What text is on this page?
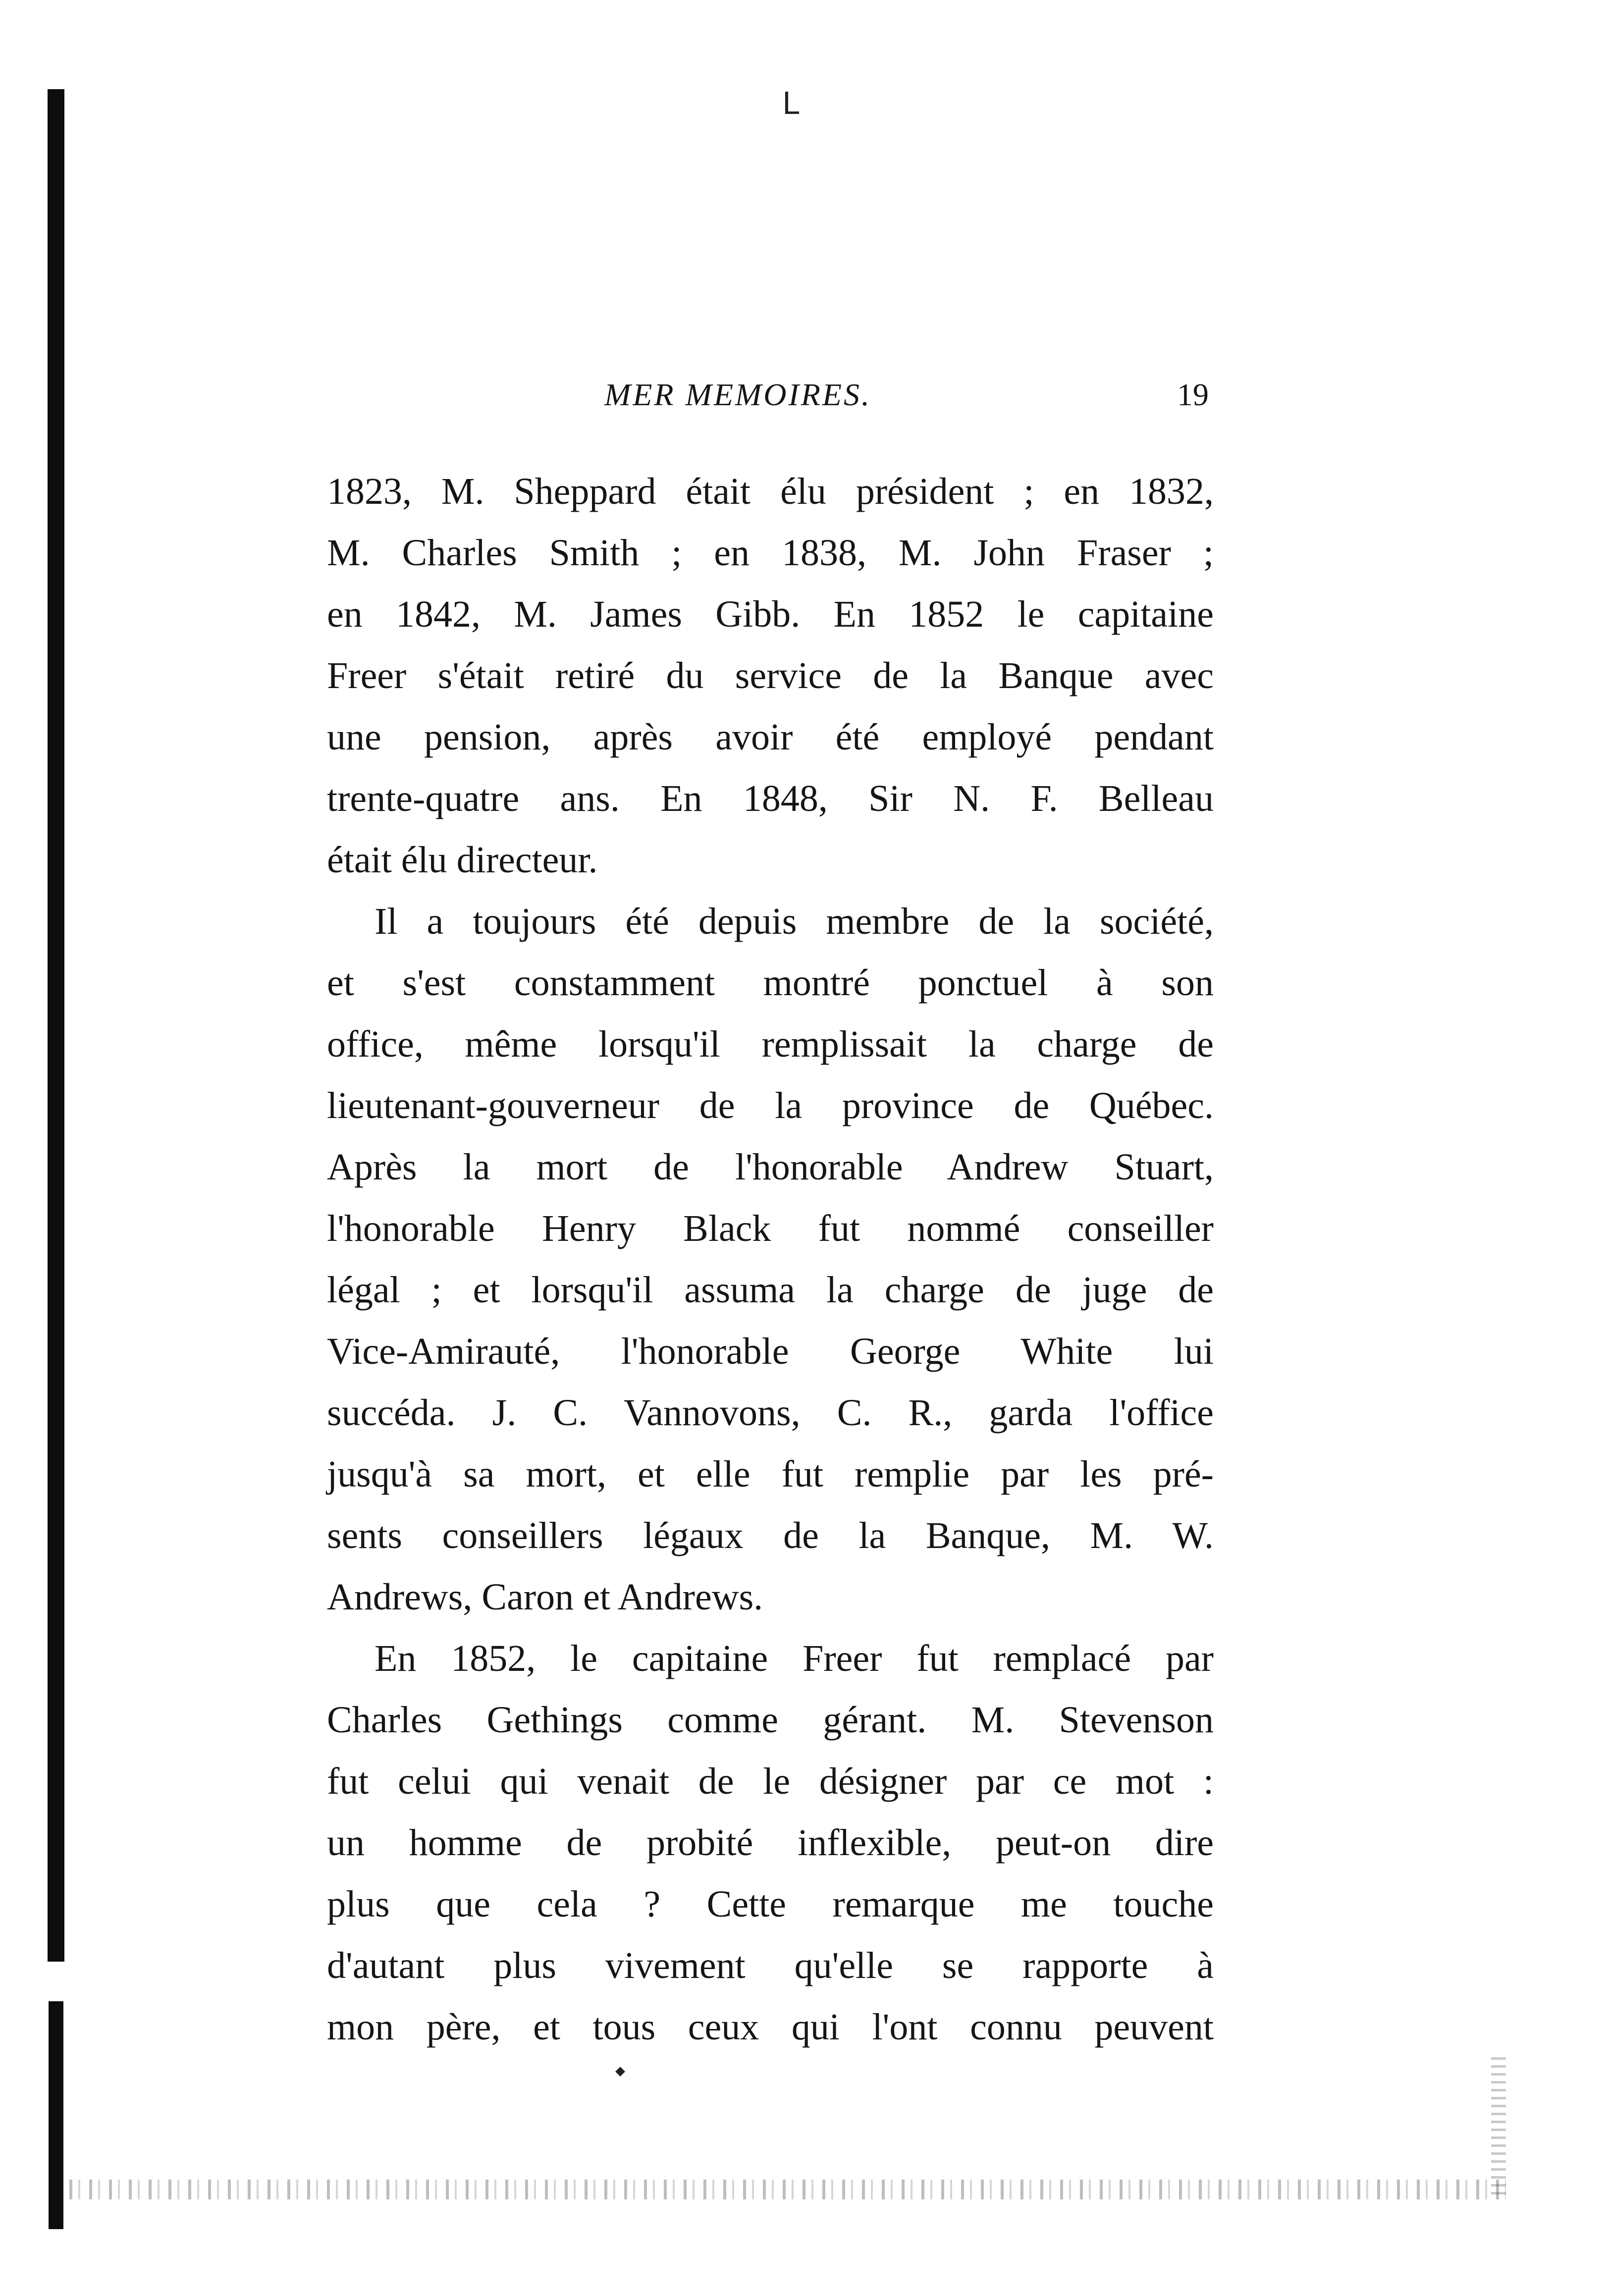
MER MEMOIRES.	19
1823, M. Sheppard était élu président ; en 1832,
M. Charles Smith ; en 1838, M. John Fraser ;
en 1842, M. James Gibb. En 1852 le capitaine
Freer s'était retiré du service de la Banque avec
une pension, après avoir été employé pendant
trente-quatre ans. En 1848, Sir N. F. Belleau
était élu directeur.
Il a toujours été depuis membre de la société,
et s'est constamment montré ponctuel à son
office, même lorsqu'il remplissait la charge de
lieutenant-gouverneur de la province de Québec.
Après la mort de l'honorable Andrew Stuart,
l'honorable Henry Black fut nommé conseiller
légal ; et lorsqu'il assuma la charge de juge de
Vice-Amirauté, l'honorable George White lui
succéda. J. C. Vannovons, C. R., garda l'office
jusqu'à sa mort, et elle fut remplie par les pré-
sents conseillers légaux de la Banque, M. W.
Andrews, Caron et Andrews.
En 1852, le capitaine Freer fut remplacé par
Charles Gethings comme gérant. M. Stevenson
fut celui qui venait de le désigner par ce mot :
un homme de probité inflexible, peut-on dire
plus que cela ? Cette remarque me touche
d'autant plus vivement qu'elle se rapporte à
mon père, et tous ceux qui l'ont connu peuvent
